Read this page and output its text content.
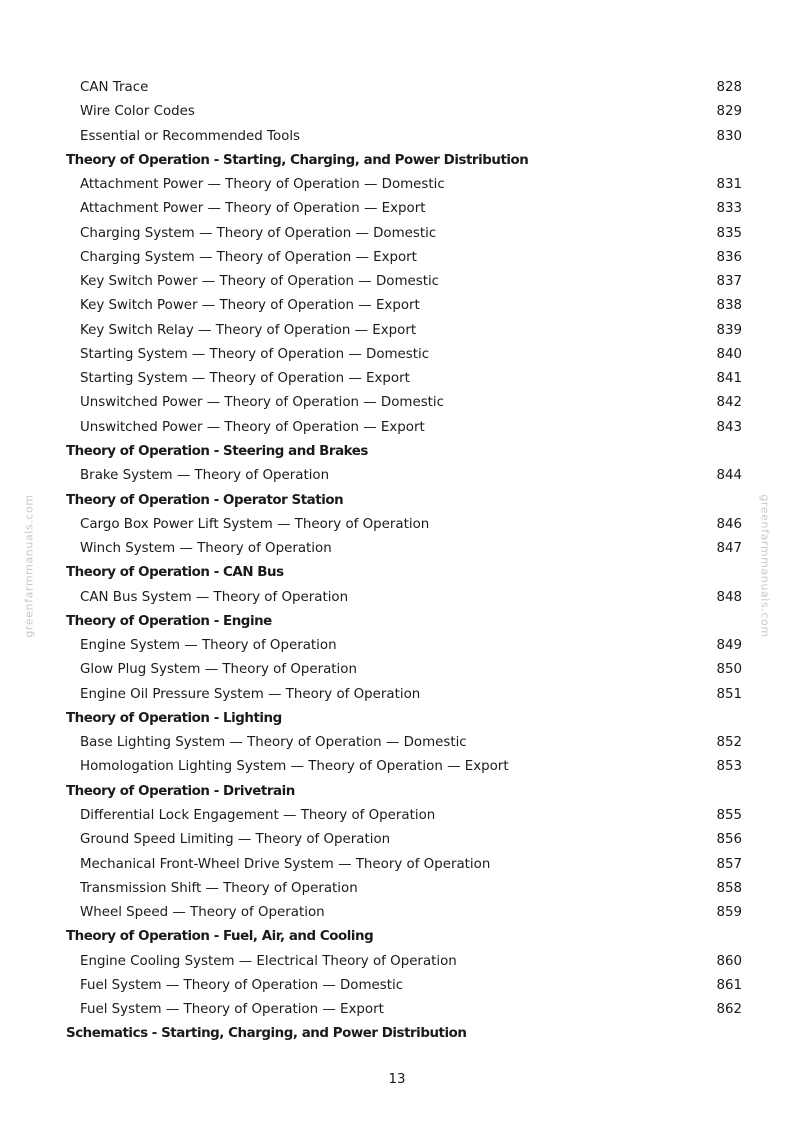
CAN Trace	828
Wire Color Codes	829
Essential or Recommended Tools	830
Theory of Operation - Starting, Charging, and Power Distribution
Attachment Power — Theory of Operation — Domestic	831
Attachment Power — Theory of Operation — Export	833
Charging System — Theory of Operation — Domestic	835
Charging System — Theory of Operation — Export	836
Key Switch Power — Theory of Operation — Domestic	837
Key Switch Power — Theory of Operation — Export	838
Key Switch Relay — Theory of Operation — Export	839
Starting System — Theory of Operation — Domestic	840
Starting System — Theory of Operation — Export	841
Unswitched Power — Theory of Operation — Domestic	842
Unswitched Power — Theory of Operation — Export	843
Theory of Operation - Steering and Brakes
Brake System — Theory of Operation	844
Theory of Operation - Operator Station
Cargo Box Power Lift System — Theory of Operation	846
Winch System — Theory of Operation	847
Theory of Operation - CAN Bus
CAN Bus System — Theory of Operation	848
Theory of Operation - Engine
Engine System — Theory of Operation	849
Glow Plug System — Theory of Operation	850
Engine Oil Pressure System — Theory of Operation	851
Theory of Operation - Lighting
Base Lighting System — Theory of Operation — Domestic	852
Homologation Lighting System — Theory of Operation — Export	853
Theory of Operation - Drivetrain
Differential Lock Engagement — Theory of Operation	855
Ground Speed Limiting — Theory of Operation	856
Mechanical Front-Wheel Drive System — Theory of Operation	857
Transmission Shift — Theory of Operation	858
Wheel Speed — Theory of Operation	859
Theory of Operation - Fuel, Air, and Cooling
Engine Cooling System — Electrical Theory of Operation	860
Fuel System — Theory of Operation — Domestic	861
Fuel System — Theory of Operation — Export	862
Schematics - Starting, Charging, and Power Distribution
13
greenfarmmanuals.com	greenfarmmanuals.com
